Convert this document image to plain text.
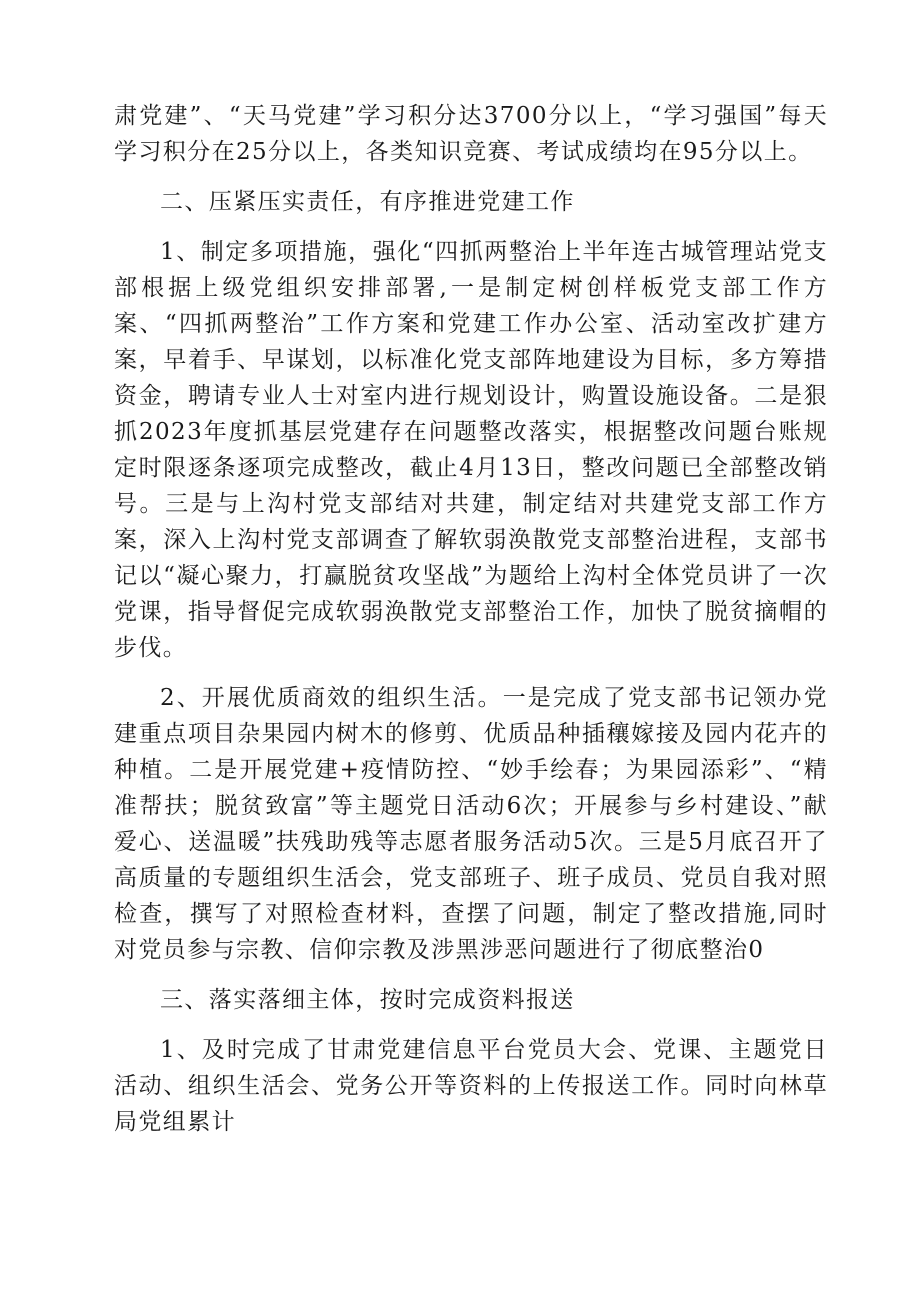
肃党建”、“天马党建”学习积分达3700分以上，“学习强国”每天学习积分在25分以上，各类知识竞赛、考试成绩均在95分以上。

二、压紧压实责任，有序推进党建工作

1、制定多项措施，强化“四抓两整治上半年连古城管理站党支部根据上级党组织安排部署,一是制定树创样板党支部工作方案、“四抓两整治”工作方案和党建工作办公室、活动室改扩建方案，早着手、早谋划，以标准化党支部阵地建设为目标，多方筹措资金，聘请专业人士对室内进行规划设计，购置设施设备。二是狠抓2023年度抓基层党建存在问题整改落实，根据整改问题台账规定时限逐条逐项完成整改，截止4月13日，整改问题已全部整改销号。三是与上沟村党支部结对共建，制定结对共建党支部工作方案，深入上沟村党支部调查了解软弱涣散党支部整治进程，支部书记以“凝心聚力，打赢脱贫攻坚战”为题给上沟村全体党员讲了一次党课，指导督促完成软弱涣散党支部整治工作，加快了脱贫摘帽的步伐。

2、开展优质商效的组织生活。一是完成了党支部书记领办党建重点项目杂果园内树木的修剪、优质品种插穰嫁接及园内花卉的种植。二是开展党建+疫情防控、“妙手绘春；为果园添彩”、“精准帮扶；脱贫致富”等主题党日活动6次；开展参与乡村建设、”献爱心、送温暖”扶残助残等志愿者服务活动5次。三是5月底召开了高质量的专题组织生活会，党支部班子、班子成员、党员自我对照检查，撰写了对照检查材料，查摆了问题，制定了整改措施,同时对党员参与宗教、信仰宗教及涉黑涉恶问题进行了彻底整治0

三、落实落细主体，按时完成资料报送

1、及时完成了甘肃党建信息平台党员大会、党课、主题党日活动、组织生活会、党务公开等资料的上传报送工作。同时向林草局党组累计
